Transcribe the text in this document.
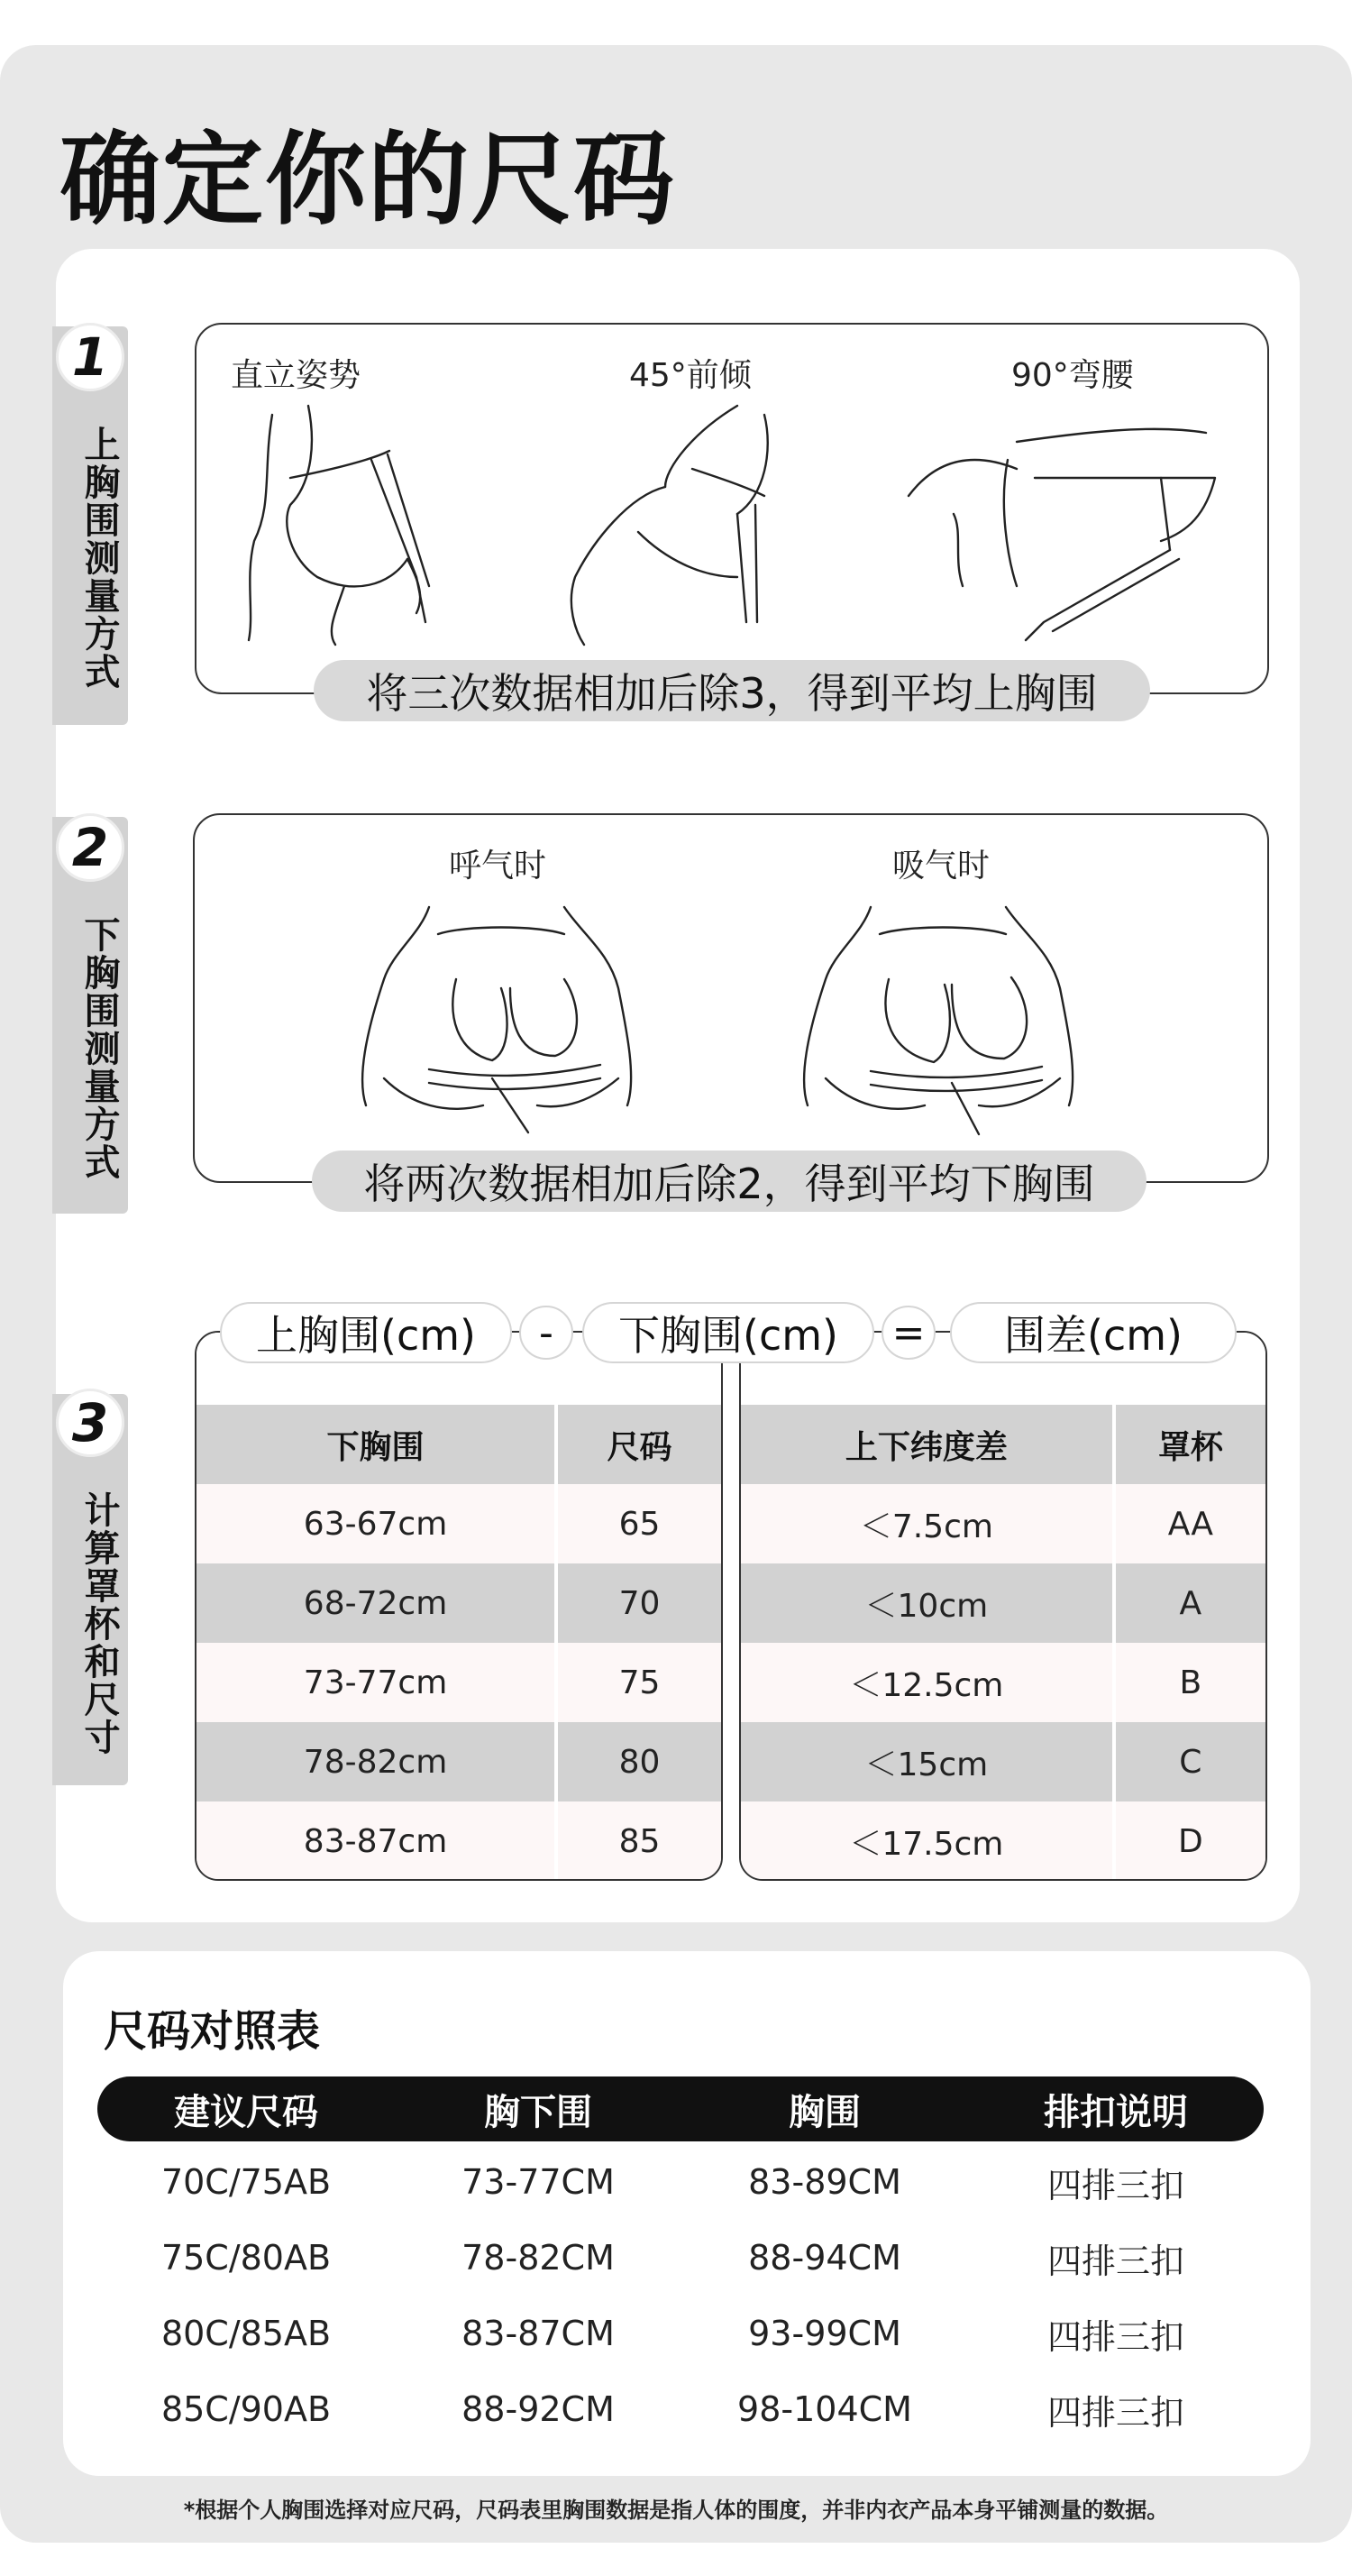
确定你的尺码
1
上胸围测量方式
直立姿势	45°前倾	90°弯腰
将三次数据相加后除3，得到平均上胸围
2
下胸围测量方式
呼气时	吸气时
将两次数据相加后除2，得到平均下胸围
3
计算罩杯和尺寸

下胸围	尺码
63-67cm	65
68-72cm	70
73-77cm	75
78-82cm	80
83-87cm	85

上下纬度差	罩杯
＜7.5cm	AA
＜10cm	A
＜12.5cm	B
＜15cm	C
＜17.5cm	D
上胸围(cm)	-	下胸围(cm)	=	围差(cm)
尺码对照表
建议尺码	胸下围	胸围	排扣说明
70C/75AB	73-77CM	83-89CM	四排三扣
75C/80AB	78-82CM	88-94CM	四排三扣
80C/85AB	83-87CM	93-99CM	四排三扣
85C/90AB	88-92CM	98-104CM	四排三扣
*根据个人胸围选择对应尺码，尺码表里胸围数据是指人体的围度，并非内衣产品本身平铺测量的数据。
